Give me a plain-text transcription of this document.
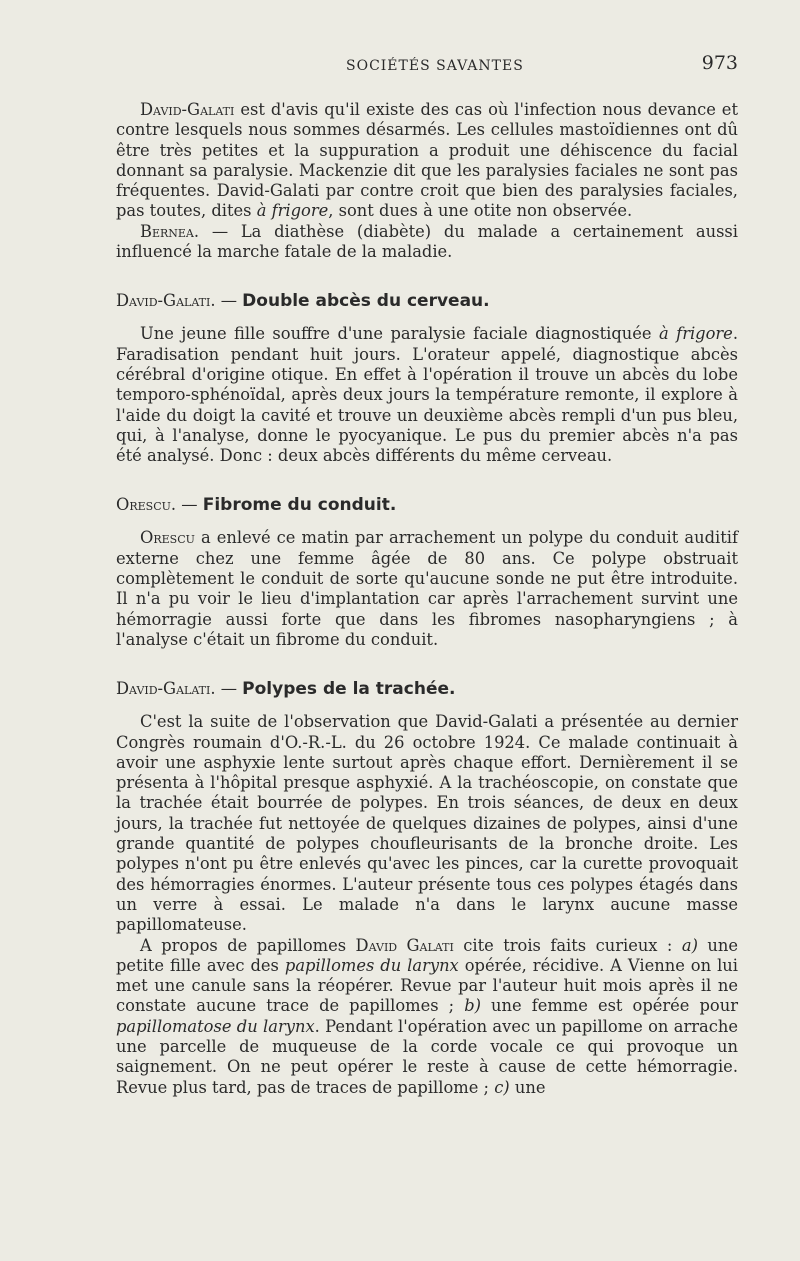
SOCIÉTÉS SAVANTES	973

David-Galati est d'avis qu'il existe des cas où l'infection nous devance et contre lesquels nous sommes désarmés. Les cellules mastoïdiennes ont dû être très petites et la suppuration a produit une déhiscence du facial donnant sa paralysie. Mackenzie dit que les paralysies faciales ne sont pas fréquentes. David-Galati par contre croit que bien des paralysies faciales, pas toutes, dites à frigore, sont dues à une otite non observée.

Bernea. — La diathèse (diabète) du malade a certainement aussi influencé la marche fatale de la maladie.

David-Galati. — Double abcès du cerveau.

Une jeune fille souffre d'une paralysie faciale diagnostiquée à frigore. Faradisation pendant huit jours. L'orateur appelé, diagnostique abcès cérébral d'origine otique. En effet à l'opération il trouve un abcès du lobe temporo-sphénoïdal, après deux jours la température remonte, il explore à l'aide du doigt la cavité et trouve un deuxième abcès rempli d'un pus bleu, qui, à l'analyse, donne le pyocyanique. Le pus du premier abcès n'a pas été analysé. Donc : deux abcès différents du même cerveau.

Orescu. — Fibrome du conduit.

Orescu a enlevé ce matin par arrachement un polype du conduit auditif externe chez une femme âgée de 80 ans. Ce polype obstruait complètement le conduit de sorte qu'aucune sonde ne put être introduite. Il n'a pu voir le lieu d'implantation car après l'arrachement survint une hémorragie aussi forte que dans les fibromes nasopharyngiens ; à l'analyse c'était un fibrome du conduit.

David-Galati. — Polypes de la trachée.

C'est la suite de l'observation que David-Galati a présentée au dernier Congrès roumain d'O.-R.-L. du 26 octobre 1924. Ce malade continuait à avoir une asphyxie lente surtout après chaque effort. Dernièrement il se présenta à l'hôpital presque asphyxié. A la trachéoscopie, on constate que la trachée était bourrée de polypes. En trois séances, de deux en deux jours, la trachée fut nettoyée de quelques dizaines de polypes, ainsi d'une grande quantité de polypes choufleurisants de la bronche droite. Les polypes n'ont pu être enlevés qu'avec les pinces, car la curette provoquait des hémorragies énormes. L'auteur présente tous ces polypes étagés dans un verre à essai. Le malade n'a dans le larynx aucune masse papillomateuse.

A propos de papillomes David Galati cite trois faits curieux : a) une petite fille avec des papillomes du larynx opérée, récidive. A Vienne on lui met une canule sans la réopérer. Revue par l'auteur huit mois après il ne constate aucune trace de papillomes ; b) une femme est opérée pour papillomatose du larynx. Pendant l'opération avec un papillome on arrache une parcelle de muqueuse de la corde vocale ce qui provoque un saignement. On ne peut opérer le reste à cause de cette hémorragie. Revue plus tard, pas de traces de papillome ; c) une
